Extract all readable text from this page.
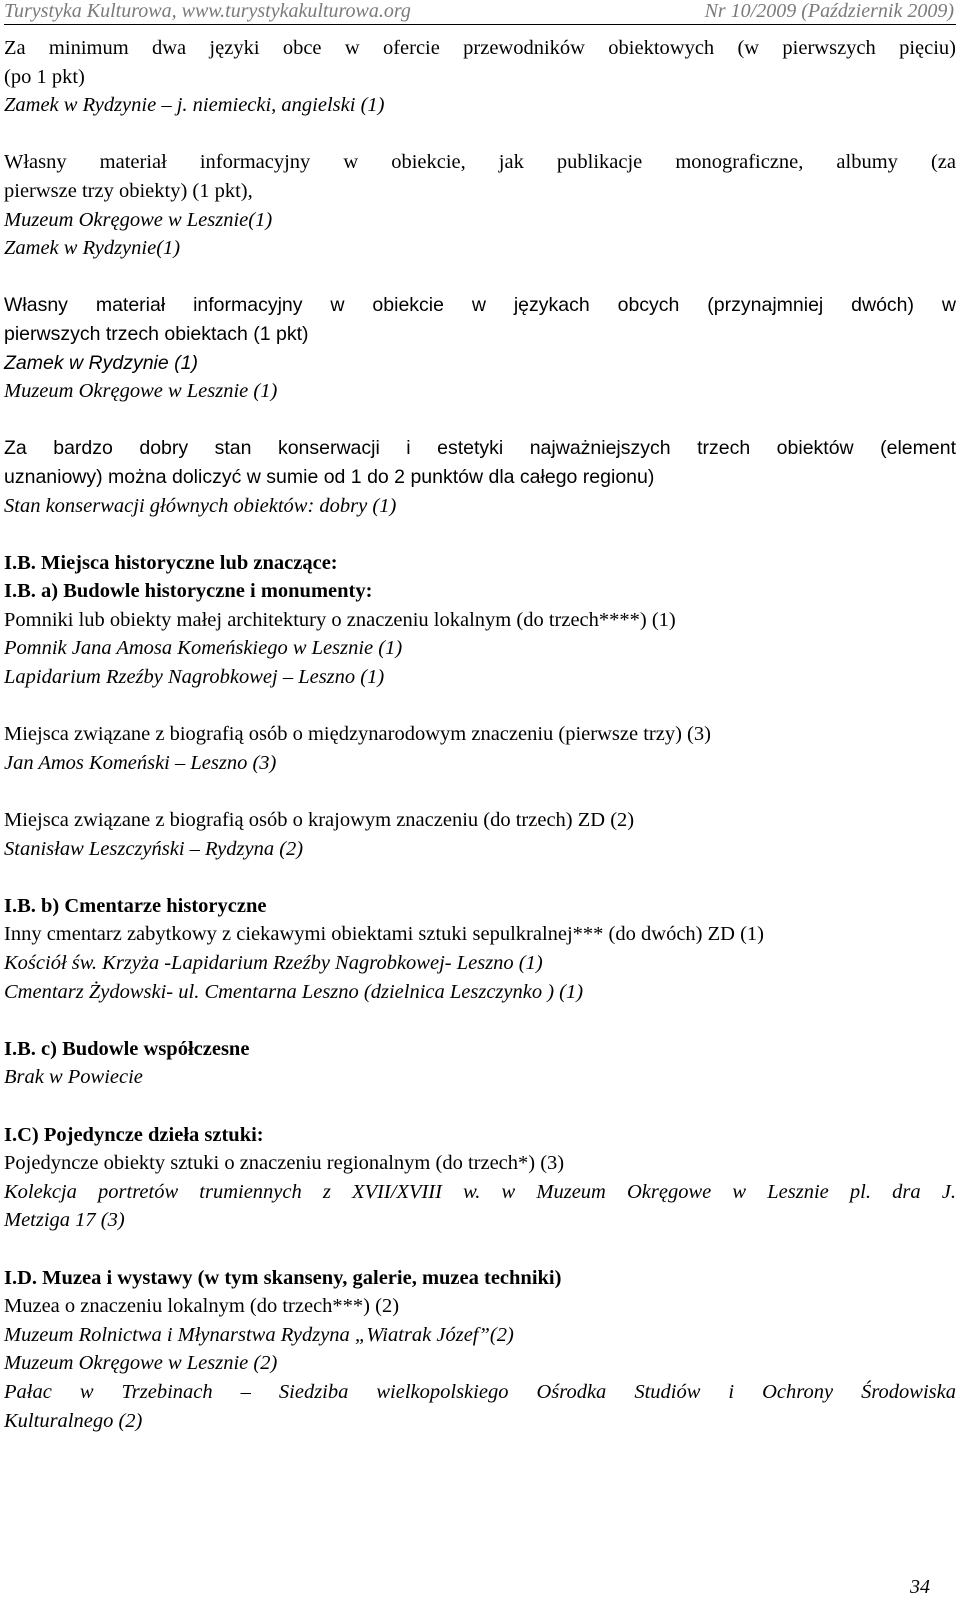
Turystyka Kulturowa, www.turystykakulturowa.org	Nr 10/2009 (Październik 2009)

Za minimum dwa języki obce w ofercie przewodników obiektowych (w pierwszych pięciu)

(po 1 pkt)

Zamek w Rydzynie – j. niemiecki, angielski (1)

Własny materiał informacyjny w obiekcie, jak publikacje monograficzne, albumy (za

pierwsze trzy obiekty) (1 pkt),

Muzeum Okręgowe w Lesznie(1)

Zamek w Rydzynie(1)

Własny materiał informacyjny w obiekcie w językach obcych (przynajmniej dwóch) w

pierwszych trzech obiektach (1 pkt)

Zamek w Rydzynie (1)

Muzeum Okręgowe w Lesznie (1)

Za bardzo dobry stan konserwacji i estetyki najważniejszych trzech obiektów (element

uznaniowy) można doliczyć w sumie od 1 do 2 punktów dla całego regionu)

Stan konserwacji głównych obiektów: dobry (1)

I.B. Miejsca historyczne lub znaczące:

I.B. a) Budowle historyczne i monumenty:

Pomniki lub obiekty małej architektury o znaczeniu lokalnym (do trzech****) (1)

Pomnik Jana Amosa Komeńskiego w Lesznie (1)

Lapidarium Rzeźby Nagrobkowej – Leszno (1)

Miejsca związane z biografią osób o międzynarodowym znaczeniu (pierwsze trzy) (3)

Jan Amos Komeński – Leszno (3)

Miejsca związane z biografią osób o krajowym znaczeniu (do trzech) ZD (2)

Stanisław Leszczyński – Rydzyna (2)

I.B. b) Cmentarze historyczne

Inny cmentarz zabytkowy z ciekawymi obiektami sztuki sepulkralnej*** (do dwóch) ZD (1)

Kościół św. Krzyża -Lapidarium Rzeźby Nagrobkowej- Leszno (1)

Cmentarz Żydowski- ul. Cmentarna Leszno (dzielnica Leszczynko ) (1)

I.B. c) Budowle współczesne

Brak w Powiecie

I.C) Pojedyncze dzieła sztuki:

Pojedyncze obiekty sztuki o znaczeniu regionalnym (do trzech*) (3)

Kolekcja portretów trumiennych z XVII/XVIII w. w Muzeum Okręgowe w Lesznie pl. dra J.

Metziga 17 (3)

I.D. Muzea i wystawy (w tym skanseny, galerie, muzea techniki)

Muzea o znaczeniu lokalnym (do trzech***) (2)

Muzeum Rolnictwa i Młynarstwa Rydzyna „Wiatrak Józef”(2)

Muzeum Okręgowe w Lesznie (2)

Pałac w Trzebinach – Siedziba wielkopolskiego Ośrodka Studiów i Ochrony Środowiska

Kulturalnego (2)

34
